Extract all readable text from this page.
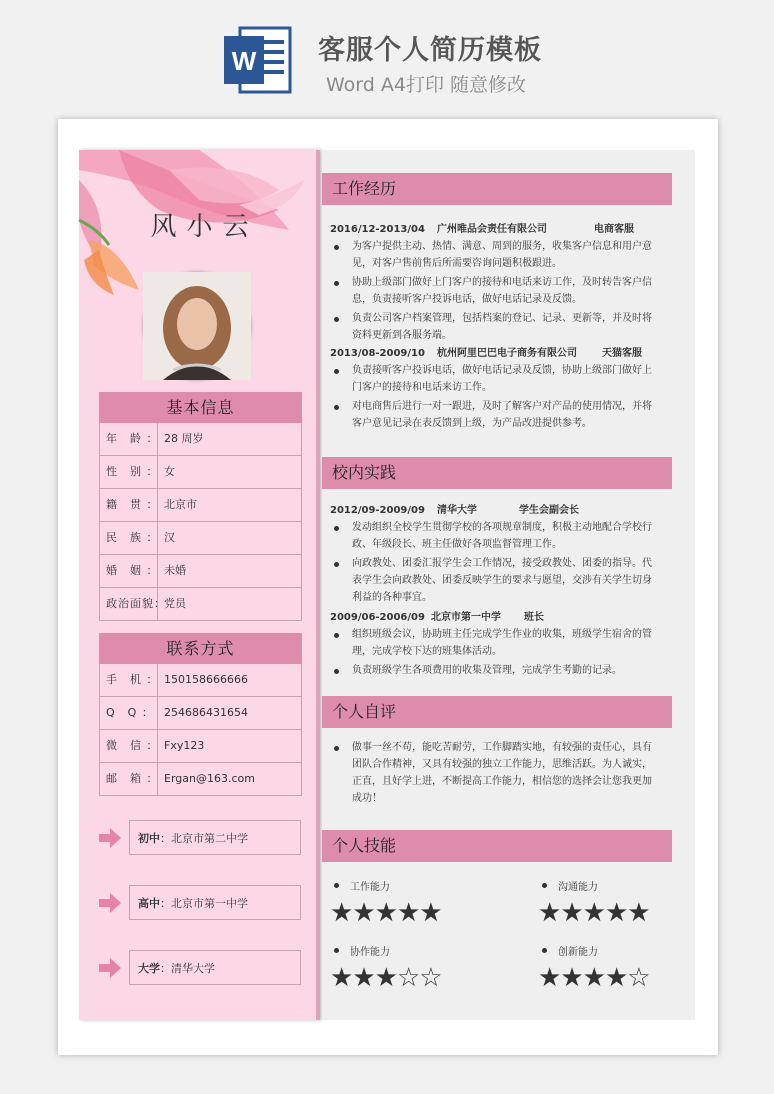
W 客服个人简历模板
Word A4打印 随意修改
风小云
基本信息
年　龄 ： 28 周岁
性　别 ： 女
籍　贯 ： 北京市
民　族 ： 汉
婚　姻 ： 未婚
政治面貌：
党员
联系方式
手　机 ： 150158666666
Q　Q ： 254686431654
微　信 ： Fxy123
邮　箱 ： Ergan@163.com
初中：北京市第二中学
高中：北京市第一中学
大学：清华大学
工作经历
2016/12-2013/04 广州唯品会责任有限公司	电商客服
为客户提供主动、热情、满意、周到的服务，收集客户信息和用户意见，对客户售前售后所需要咨询问题积极跟进。
协助上级部门做好上门客户的接待和电话来访工作，及时转告客户信息，负责接听客户投诉电话，做好电话记录及反馈。
负责公司客户档案管理，包括档案的登记、记录、更新等，并及时将资料更新到各服务端。
2013/08-2009/10 杭州阿里巴巴电子商务有限公司	天猫客服
负责接听客户投诉电话，做好电话记录及反馈，协助上级部门做好上门客户的接待和电话来访工作。
对电商售后进行一对一跟进，及时了解客户对产品的使用情况，并将客户意见记录在表反馈到上级，为产品改进提供参考。
校内实践
2012/09-2009/09 清华大学	学生会副会长
发动组织全校学生贯彻学校的各项规章制度，积极主动地配合学校行政、年级段长、班主任做好各项监督管理工作。
向政教处、团委汇报学生会工作情况，接受政教处、团委的指导。代表学生会向政教处、团委反映学生的要求与愿望，交涉有关学生切身利益的各种事宜。
2009/06-2006/09 北京市第一中学 班长
组织班级会议，协助班主任完成学生作业的收集，班级学生宿舍的管理，完成学校下达的班集体活动。
负责班级学生各项费用的收集及管理，完成学生考勤的记录。
个人自评
做事一丝不苟，能吃苦耐劳，工作脚踏实地，有较强的责任心，具有团队合作精神，又具有较强的独立工作能力，思维活跃。为人诚实，正直，且好学上进，不断提高工作能力，相信您的选择会让您我更加成功！
个人技能
工作能力
★★★★★
沟通能力
★★★★★
协作能力
★★★☆☆
创新能力
★★★★☆
